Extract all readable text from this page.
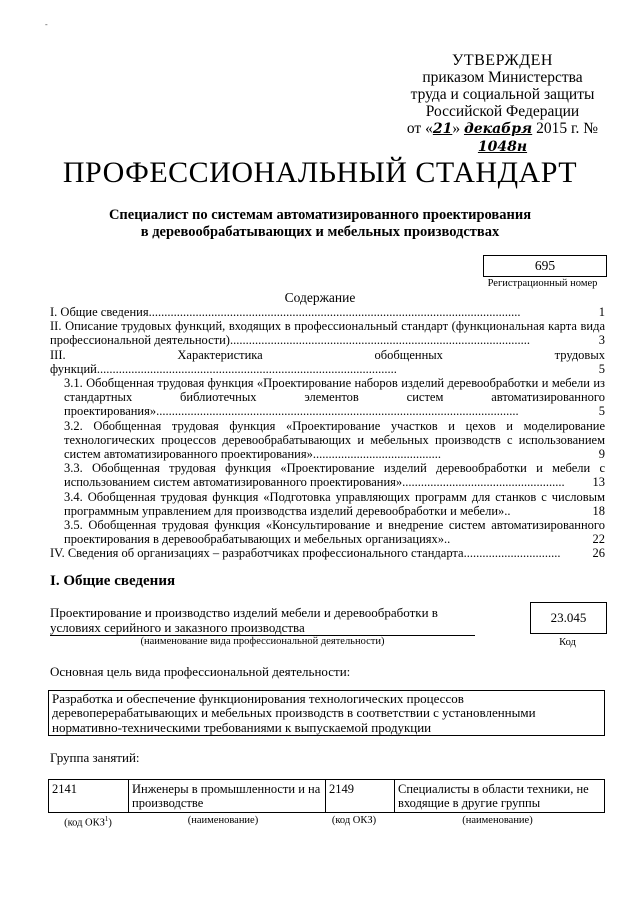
-
УТВЕРЖДЕН
приказом Министерства
труда и социальной защиты
Российской Федерации
от «21» декабря 2015 г. № 1048н
ПРОФЕССИОНАЛЬНЫЙ СТАНДАРТ
Специалист по системам автоматизированного проектирования
в деревообрабатывающих и мебельных производствах
695
Регистрационный номер
Содержание
I. Общие сведения.......................................................................................................................	1
II. Описание трудовых функций, входящих в профессиональный стандарт (функциональная карта вида профессиональной деятельности)................................................................................................	3
III. Характеристика обобщенных трудовых функций................................................................................................	5
3.1. Обобщенная трудовая функция «Проектирование наборов изделий деревообработки и мебели из стандартных библиотечных элементов систем автоматизированного проектирования»....................................................................................................................	5
3.2. Обобщенная трудовая функция «Проектирование участков и цехов и моделирование технологических процессов деревообрабатывающих и мебельных производств с использованием систем автоматизированного проектирования».........................................	9
3.3. Обобщенная трудовая функция «Проектирование изделий деревообработки и мебели с использованием систем автоматизированного проектирования».................................................... 13
3.4. Обобщенная трудовая функция «Подготовка управляющих программ для станков с числовым программным управлением для производства изделий деревообработки и мебели»..	18
3.5. Обобщенная трудовая функция «Консультирование и внедрение систем автоматизированного проектирования в деревообрабатывающих и мебельных организациях»..	22
IV. Сведения об организациях – разработчиках профессионального стандарта...............................	26
I. Общие сведения
Проектирование и производство изделий мебели и деревообработки в
условиях серийного и заказного производства
23.045
(наименование вида профессиональной деятельности)	Код
Основная цель вида профессиональной деятельности:
Разработка и обеспечение функционирования технологических процессов
деревоперерабатывающих и мебельных производств в соответствии с установленными
нормативно-техническими требованиями к выпускаемой продукции
Группа занятий:
2141	Инженеры в промышленности и на производстве	2149	Специалисты в области техники, не входящие в другие группы
(код ОКЗ$^1$)	(наименование)	(код ОКЗ)	(наименование)
